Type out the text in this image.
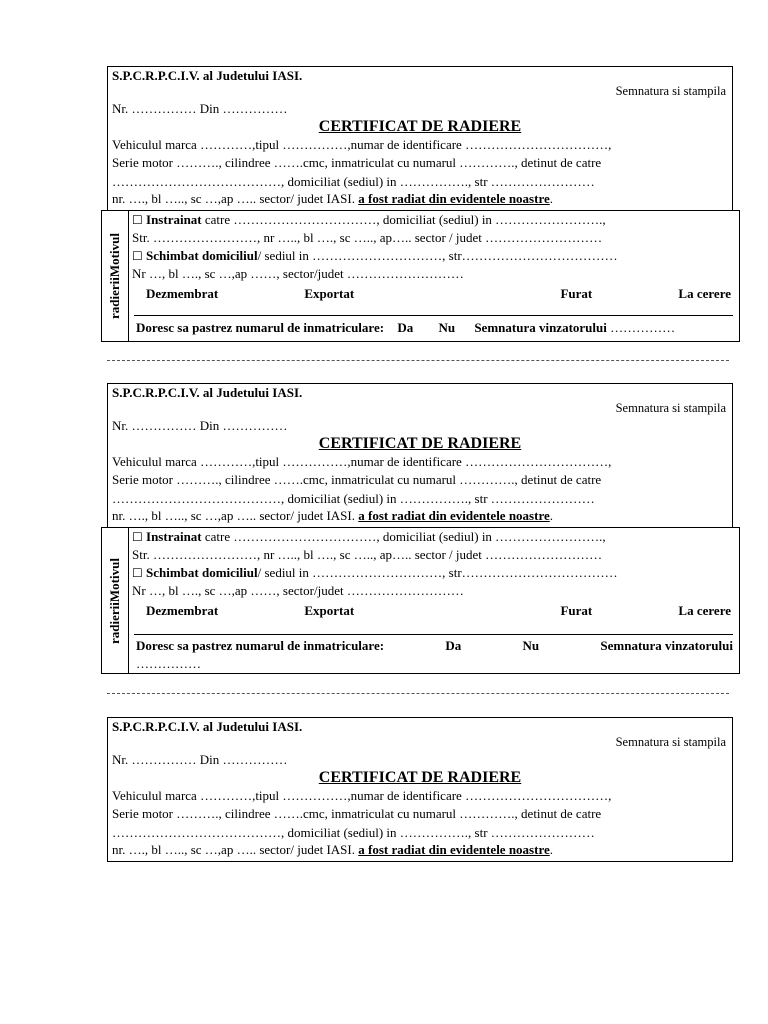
S.P.C.R.P.C.I.V. al Judetului IASI.
Semnatura si stampila
Nr. …………… Din ……………
CERTIFICAT DE RADIERE
Vehiculul marca …………,tipul ……………,numar de identificare ……………………………,
Serie motor ………., cilindree …….cmc, inmatriculat cu numarul …………., detinut de catre
…………………………………, domiciliat (sediul) in ……………., str ……………………
nr. …., bl ….., sc …,ap ….. sector/ judet IASI. a fost radiat din evidentele noastre.
radieriiMotivul
☐ Instrainat catre ……………………………, domiciliat (sediul) in …………………….,
Str. ……………………, nr ….., bl …., sc ….., ap….. sector / judet ………………………
☐ Schimbat domiciliul/ sediul in …………………………, str………………………………
Nr …, bl …., sc …,ap ……, sector/judet ………………………
Dezmembrat	Exportat	Furat	La cerere
Doresc sa pastrez numarul de inmatriculare: Da Nu Semnatura vinzatorului ……………
S.P.C.R.P.C.I.V. al Judetului IASI.
Semnatura si stampila
Nr. …………… Din ……………
CERTIFICAT DE RADIERE
Vehiculul marca …………,tipul ……………,numar de identificare ……………………………,
Serie motor ………., cilindree …….cmc, inmatriculat cu numarul …………., detinut de catre
…………………………………, domiciliat (sediul) in ……………., str ……………………
nr. …., bl ….., sc …,ap ….. sector/ judet IASI. a fost radiat din evidentele noastre.
radieriiMotivul
☐ Instrainat catre ……………………………, domiciliat (sediul) in …………………….,
Str. ……………………, nr ….., bl …., sc ….., ap….. sector / judet ………………………
☐ Schimbat domiciliul/ sediul in …………………………, str………………………………
Nr …, bl …., sc …,ap ……, sector/judet ………………………
Dezmembrat	Exportat	Furat	La cerere
Doresc sa pastrez numarul de inmatriculare:	Da	Nu	Semnatura vinzatorului
……………
S.P.C.R.P.C.I.V. al Judetului IASI.
Semnatura si stampila
Nr. …………… Din ……………
CERTIFICAT DE RADIERE
Vehiculul marca …………,tipul ……………,numar de identificare ……………………………,
Serie motor ………., cilindree …….cmc, inmatriculat cu numarul …………., detinut de catre
…………………………………, domiciliat (sediul) in ……………., str ……………………
nr. …., bl ….., sc …,ap ….. sector/ judet IASI. a fost radiat din evidentele noastre.
